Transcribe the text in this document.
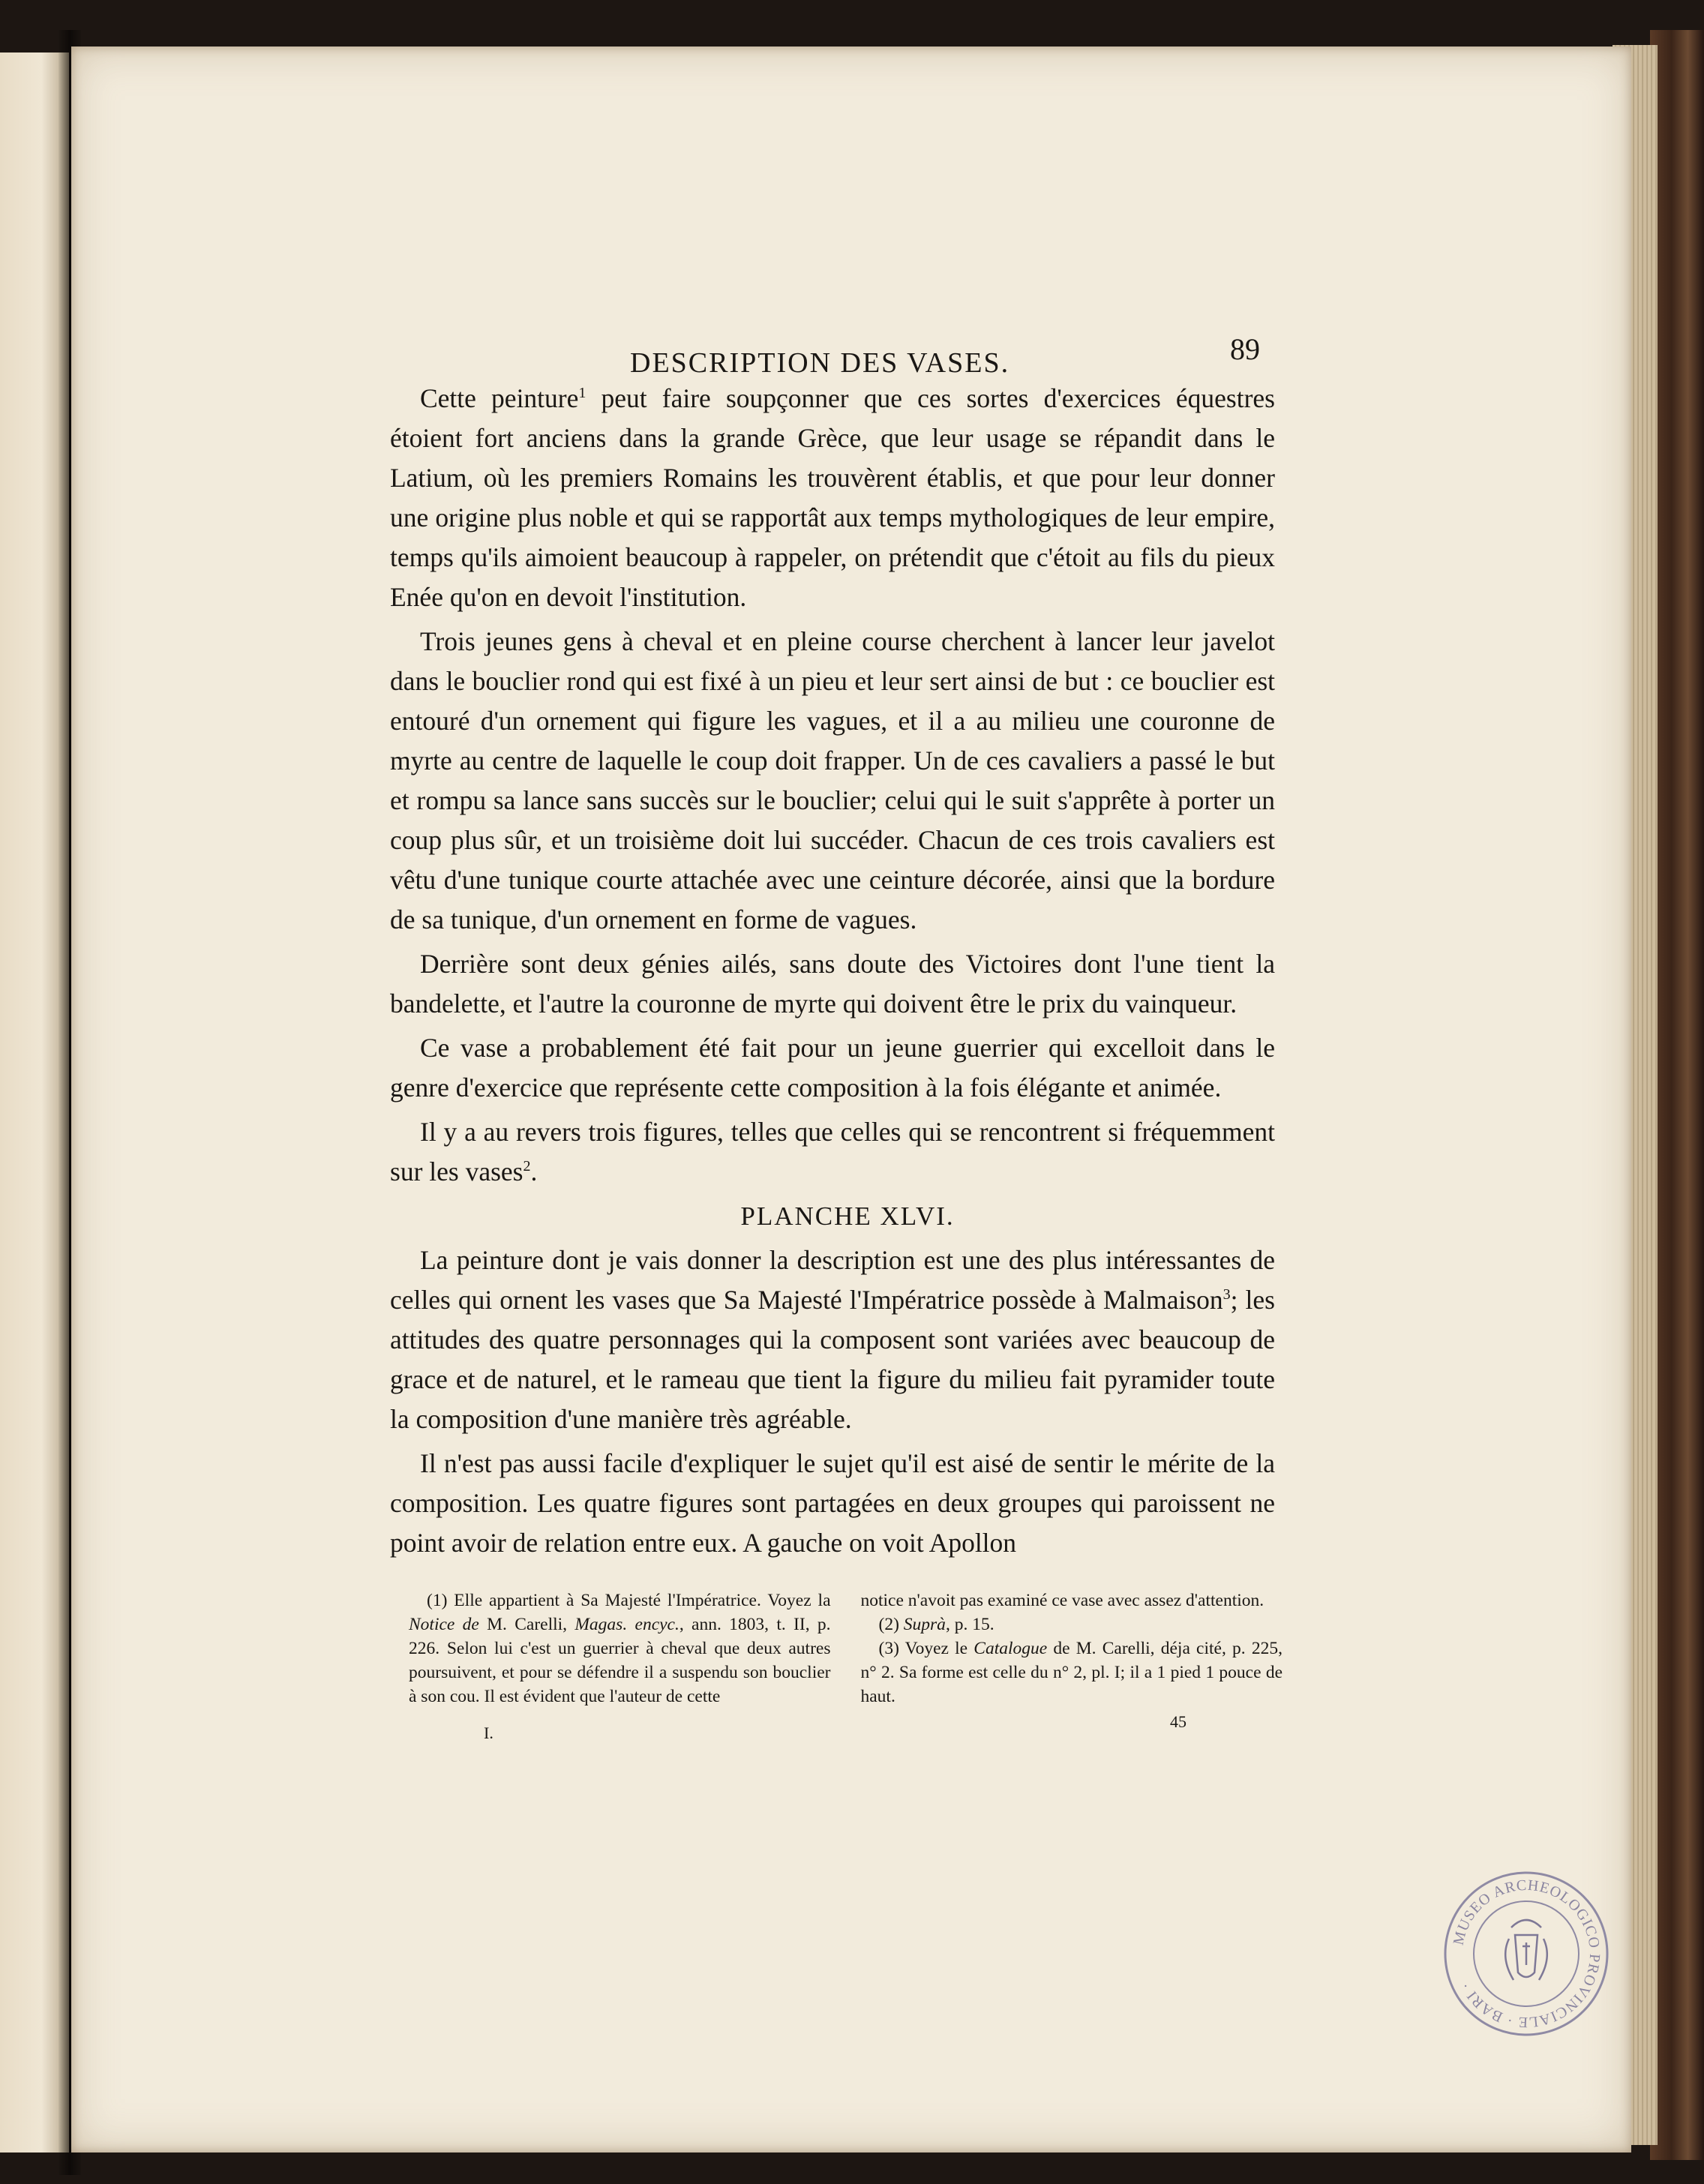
DESCRIPTION DES VASES.	89

Cette peinture$^1$ peut faire soupçonner que ces sortes d'exercices équestres étoient fort anciens dans la grande Grèce, que leur usage se répandit dans le Latium, où les premiers Romains les trouvèrent établis, et que pour leur donner une origine plus noble et qui se rapportât aux temps mythologiques de leur empire, temps qu'ils aimoient beaucoup à rappeler, on prétendit que c'étoit au fils du pieux Enée qu'on en devoit l'institution.

Trois jeunes gens à cheval et en pleine course cherchent à lancer leur javelot dans le bouclier rond qui est fixé à un pieu et leur sert ainsi de but : ce bouclier est entouré d'un ornement qui figure les vagues, et il a au milieu une couronne de myrte au centre de laquelle le coup doit frapper. Un de ces cavaliers a passé le but et rompu sa lance sans succès sur le bouclier; celui qui le suit s'apprête à porter un coup plus sûr, et un troisième doit lui succéder. Chacun de ces trois cavaliers est vêtu d'une tunique courte attachée avec une ceinture décorée, ainsi que la bordure de sa tunique, d'un ornement en forme de vagues.

Derrière sont deux génies ailés, sans doute des Victoires dont l'une tient la bandelette, et l'autre la couronne de myrte qui doivent être le prix du vainqueur.

Ce vase a probablement été fait pour un jeune guerrier qui excelloit dans le genre d'exercice que représente cette composition à la fois élégante et animée.

Il y a au revers trois figures, telles que celles qui se rencontrent si fréquemment sur les vases$^2$.

PLANCHE XLVI.

La peinture dont je vais donner la description est une des plus intéressantes de celles qui ornent les vases que Sa Majesté l'Impératrice possède à Malmaison$^3$; les attitudes des quatre personnages qui la composent sont variées avec beaucoup de grace et de naturel, et le rameau que tient la figure du milieu fait pyramider toute la composition d'une manière très agréable.

Il n'est pas aussi facile d'expliquer le sujet qu'il est aisé de sentir le mérite de la composition. Les quatre figures sont partagées en deux groupes qui paroissent ne point avoir de relation entre eux. A gauche on voit Apollon

(1) Elle appartient à Sa Majesté l'Impératrice. Voyez la Notice de M. Carelli, Magas. encyc., ann. 1803, t. II, p. 226. Selon lui c'est un guerrier à cheval que deux autres poursuivent, et pour se défendre il a suspendu son bouclier à son cou. Il est évident que l'auteur de cette

notice n'avoit pas examiné ce vase avec assez d'attention.

(2) Suprà, p. 15.

(3) Voyez le Catalogue de M. Carelli, déja cité, p. 225, n° 2. Sa forme est celle du n° 2, pl. I; il a 1 pied 1 pouce de haut.

I.
45
MUSEO ARCHEOLOGICO PROVINCIALE · BARI ·
